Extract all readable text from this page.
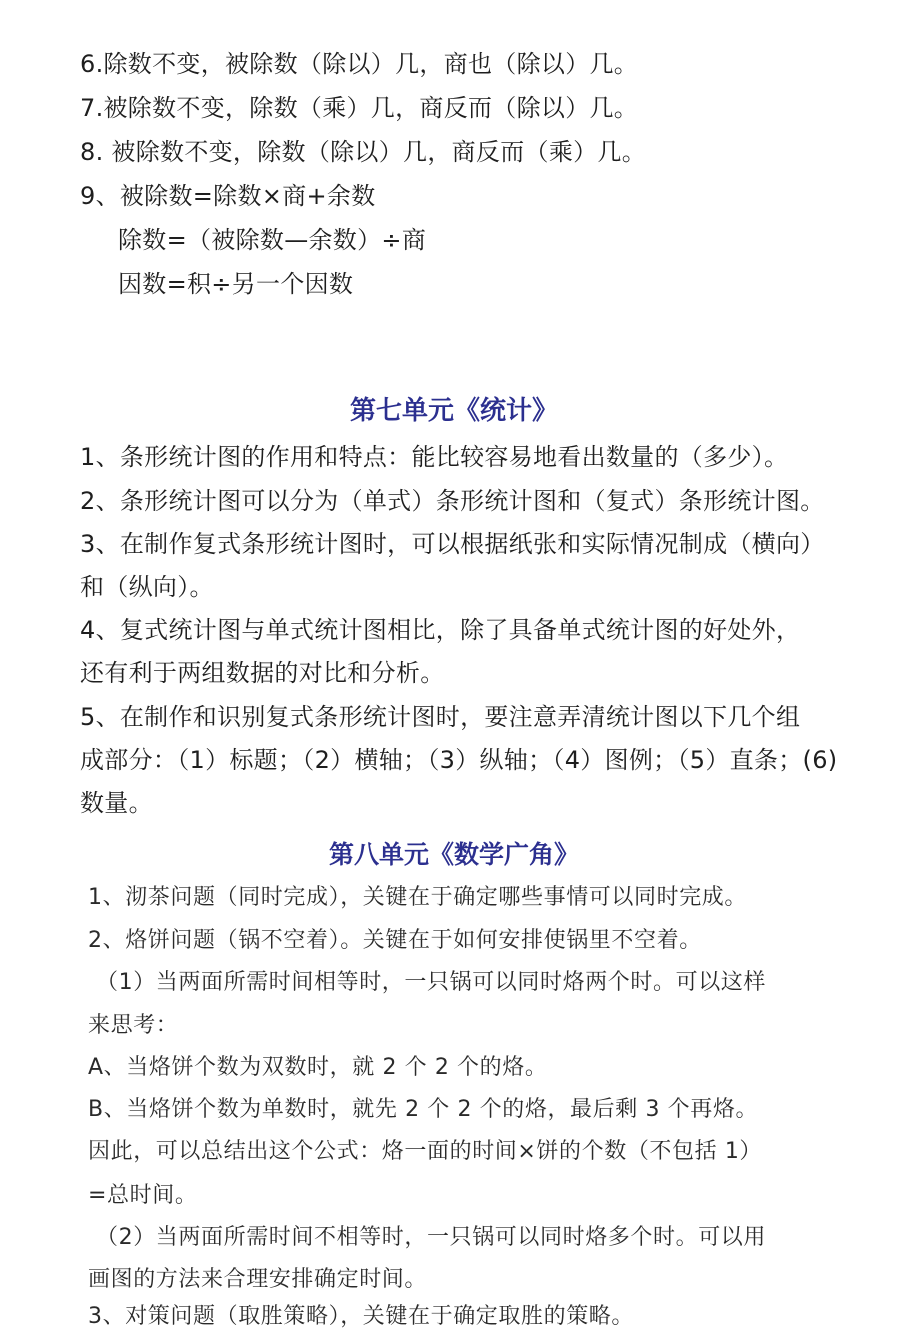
6.除数不变，被除数（除以）几，商也（除以）几。
7.被除数不变，除数（乘）几，商反而（除以）几。
8. 被除数不变，除数（除以）几，商反而（乘）几。
9、被除数=除数×商+余数
除数=（被除数—余数）÷商
因数=积÷另一个因数
第七单元《统计》
1、条形统计图的作用和特点：能比较容易地看出数量的（多少）。
2、条形统计图可以分为（单式）条形统计图和（复式）条形统计图。
3、在制作复式条形统计图时，可以根据纸张和实际情况制成（横向）
和（纵向）。
4、复式统计图与单式统计图相比，除了具备单式统计图的好处外，
还有利于两组数据的对比和分析。
5、在制作和识别复式条形统计图时，要注意弄清统计图以下几个组
成部分：（1）标题；（2）横轴；（3）纵轴；（4）图例；（5）直条；(6)
数量。
第八单元《数学广角》
1、沏茶问题（同时完成），关键在于确定哪些事情可以同时完成。
2、烙饼问题（锅不空着）。关键在于如何安排使锅里不空着。
（1）当两面所需时间相等时，一只锅可以同时烙两个时。可以这样
来思考：
A、当烙饼个数为双数时，就 2 个 2 个的烙。
B、当烙饼个数为单数时，就先 2 个 2 个的烙，最后剩 3 个再烙。
因此，可以总结出这个公式：烙一面的时间×饼的个数（不包括 1）
=总时间。
（2）当两面所需时间不相等时，一只锅可以同时烙多个时。可以用
画图的方法来合理安排确定时间。
3、对策问题（取胜策略），关键在于确定取胜的策略。
